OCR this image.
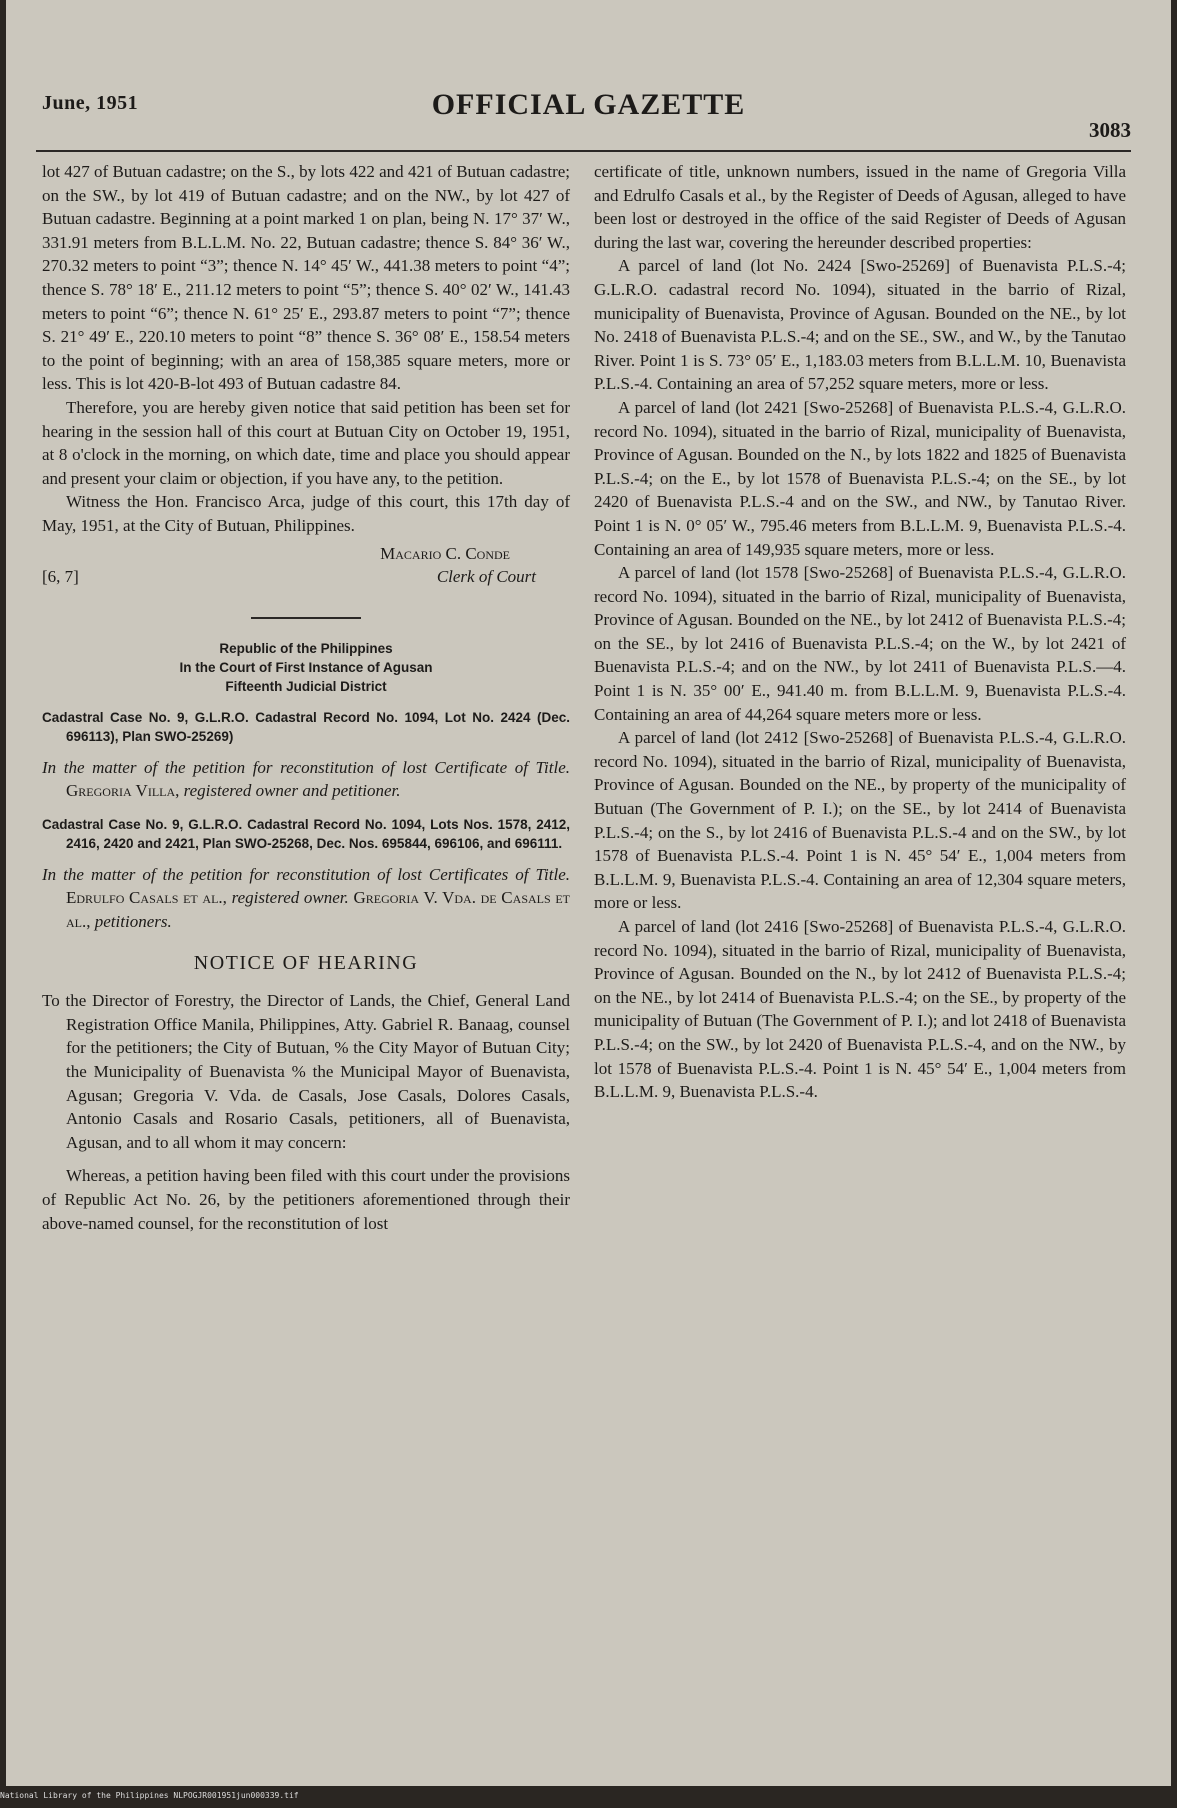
June, 1951	OFFICIAL GAZETTE
3083

lot 427 of Butuan cadastre; on the S., by lots 422 and 421 of Butuan cadastre; on the SW., by lot 419 of Butuan cadastre; and on the NW., by lot 427 of Butuan cadastre. Beginning at a point marked 1 on plan, being N. 17° 37′ W., 331.91 meters from B.L.L.M. No. 22, Butuan cadastre; thence S. 84° 36′ W., 270.32 meters to point “3”; thence N. 14° 45′ W., 441.38 meters to point “4”; thence S. 78° 18′ E., 211.12 meters to point “5”; thence S. 40° 02′ W., 141.43 meters to point “6”; thence N. 61° 25′ E., 293.87 meters to point “7”; thence S. 21° 49′ E., 220.10 meters to point “8” thence S. 36° 08′ E., 158.54 meters to the point of beginning; with an area of 158,385 square meters, more or less. This is lot 420-B-lot 493 of Butuan cadastre 84.

Therefore, you are hereby given notice that said petition has been set for hearing in the session hall of this court at Butuan City on October 19, 1951, at 8 o'clock in the morning, on which date, time and place you should appear and present your claim or objection, if you have any, to the petition.

Witness the Hon. Francisco Arca, judge of this court, this 17th day of May, 1951, at the City of Butuan, Philippines.

Macario C. Conde
[6, 7]	Clerk of Court
Republic of the Philippines
In the Court of First Instance of Agusan
Fifteenth Judicial District
Cadastral Case No. 9, G.L.R.O. Cadastral Record No. 1094, Lot No. 2424 (Dec. 696113), Plan SWO-25269)
In the matter of the petition for reconstitution of lost Certificate of Title. Gregoria Villa, registered owner and petitioner.
Cadastral Case No. 9, G.L.R.O. Cadastral Record No. 1094, Lots Nos. 1578, 2412, 2416, 2420 and 2421, Plan SWO-25268, Dec. Nos. 695844, 696106, and 696111.
In the matter of the petition for reconstitution of lost Certificates of Title. Edrulfo Casals et al., registered owner. Gregoria V. Vda. de Casals et al., petitioners.
NOTICE OF HEARING

To the Director of Forestry, the Director of Lands, the Chief, General Land Registration Office Manila, Philippines, Atty. Gabriel R. Banaag, counsel for the petitioners; the City of Butuan, % the City Mayor of Butuan City; the Municipality of Buenavista % the Municipal Mayor of Buenavista, Agusan; Gregoria V. Vda. de Casals, Jose Casals, Dolores Casals, Antonio Casals and Rosario Casals, petitioners, all of Buenavista, Agusan, and to all whom it may concern:

Whereas, a petition having been filed with this court under the provisions of Republic Act No. 26, by the petitioners aforementioned through their above-named counsel, for the reconstitution of lost

certificate of title, unknown numbers, issued in the name of Gregoria Villa and Edrulfo Casals et al., by the Register of Deeds of Agusan, alleged to have been lost or destroyed in the office of the said Register of Deeds of Agusan during the last war, covering the hereunder described properties:

A parcel of land (lot No. 2424 [Swo-25269] of Buenavista P.L.S.-4; G.L.R.O. cadastral record No. 1094), situated in the barrio of Rizal, municipality of Buenavista, Province of Agusan. Bounded on the NE., by lot No. 2418 of Buenavista P.L.S.-4; and on the SE., SW., and W., by the Tanutao River. Point 1 is S. 73° 05′ E., 1,183.03 meters from B.L.L.M. 10, Buenavista P.L.S.-4. Containing an area of 57,252 square meters, more or less.

A parcel of land (lot 2421 [Swo-25268] of Buenavista P.L.S.-4, G.L.R.O. record No. 1094), situated in the barrio of Rizal, municipality of Buenavista, Province of Agusan. Bounded on the N., by lots 1822 and 1825 of Buenavista P.L.S.-4; on the E., by lot 1578 of Buenavista P.L.S.-4; on the SE., by lot 2420 of Buenavista P.L.S.-4 and on the SW., and NW., by Tanutao River. Point 1 is N. 0° 05′ W., 795.46 meters from B.L.L.M. 9, Buenavista P.L.S.-4. Containing an area of 149,935 square meters, more or less.

A parcel of land (lot 1578 [Swo-25268] of Buenavista P.L.S.-4, G.L.R.O. record No. 1094), situated in the barrio of Rizal, municipality of Buenavista, Province of Agusan. Bounded on the NE., by lot 2412 of Buenavista P.L.S.-4; on the SE., by lot 2416 of Buenavista P.L.S.-4; on the W., by lot 2421 of Buenavista P.L.S.-4; and on the NW., by lot 2411 of Buenavista P.L.S.—4. Point 1 is N. 35° 00′ E., 941.40 m. from B.L.L.M. 9, Buenavista P.L.S.-4. Containing an area of 44,264 square meters more or less.

A parcel of land (lot 2412 [Swo-25268] of Buenavista P.L.S.-4, G.L.R.O. record No. 1094), situated in the barrio of Rizal, municipality of Buenavista, Province of Agusan. Bounded on the NE., by property of the municipality of Butuan (The Government of P. I.); on the SE., by lot 2414 of Buenavista P.L.S.-4; on the S., by lot 2416 of Buenavista P.L.S.-4 and on the SW., by lot 1578 of Buenavista P.L.S.-4. Point 1 is N. 45° 54′ E., 1,004 meters from B.L.L.M. 9, Buenavista P.L.S.-4. Containing an area of 12,304 square meters, more or less.

A parcel of land (lot 2416 [Swo-25268] of Buenavista P.L.S.-4, G.L.R.O. record No. 1094), situated in the barrio of Rizal, municipality of Buenavista, Province of Agusan. Bounded on the N., by lot 2412 of Buenavista P.L.S.-4; on the NE., by lot 2414 of Buenavista P.L.S.-4; on the SE., by property of the municipality of Butuan (The Government of P. I.); and lot 2418 of Buenavista P.L.S.-4; on the SW., by lot 2420 of Buenavista P.L.S.-4, and on the NW., by lot 1578 of Buenavista P.L.S.-4. Point 1 is N. 45° 54′ E., 1,004 meters from B.L.L.M. 9, Buenavista P.L.S.-4.

National Library of the Philippines NLPOGJR001951jun000339.tif
